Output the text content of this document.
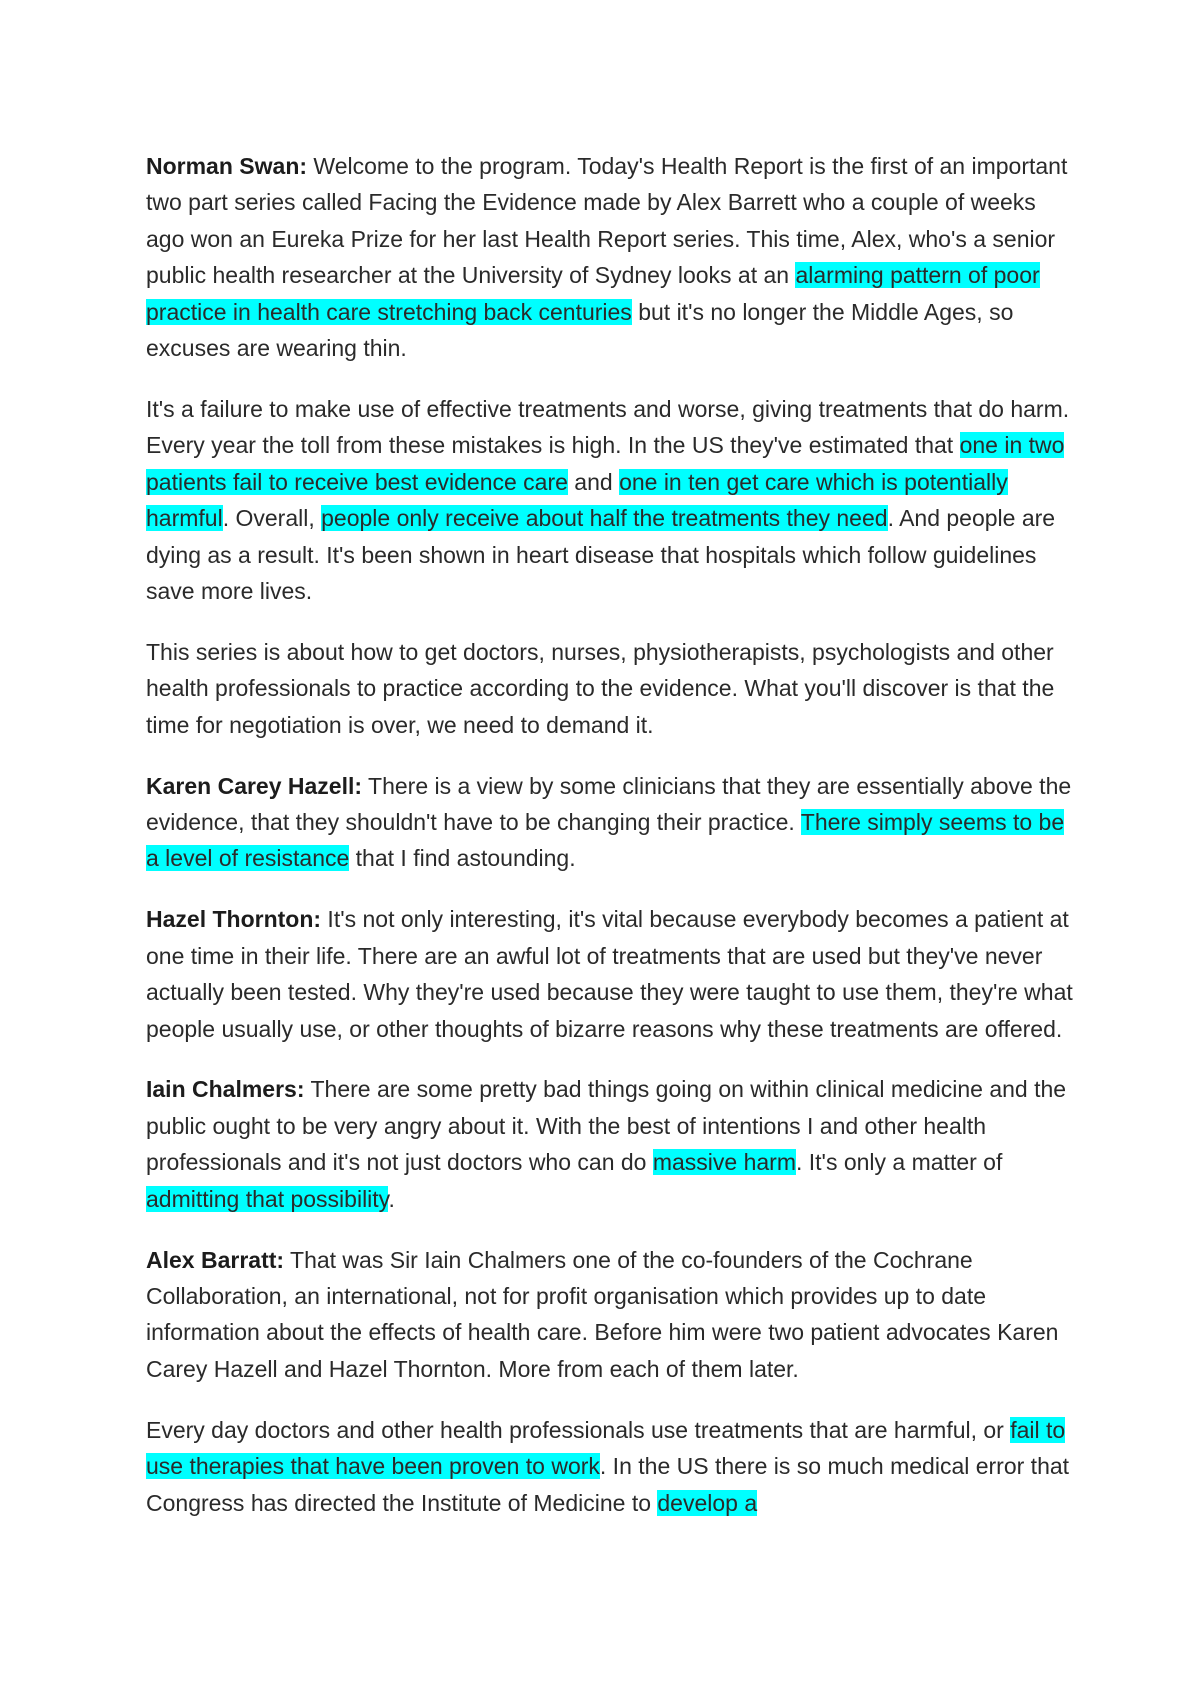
Norman Swan: Welcome to the program. Today's Health Report is the first of an important two part series called Facing the Evidence made by Alex Barrett who a couple of weeks ago won an Eureka Prize for her last Health Report series. This time, Alex, who's a senior public health researcher at the University of Sydney looks at an alarming pattern of poor practice in health care stretching back centuries but it's no longer the Middle Ages, so excuses are wearing thin.

It's a failure to make use of effective treatments and worse, giving treatments that do harm. Every year the toll from these mistakes is high. In the US they've estimated that one in two patients fail to receive best evidence care and one in ten get care which is potentially harmful. Overall, people only receive about half the treatments they need. And people are dying as a result. It's been shown in heart disease that hospitals which follow guidelines save more lives.

This series is about how to get doctors, nurses, physiotherapists, psychologists and other health professionals to practice according to the evidence. What you'll discover is that the time for negotiation is over, we need to demand it.

Karen Carey Hazell: There is a view by some clinicians that they are essentially above the evidence, that they shouldn't have to be changing their practice. There simply seems to be a level of resistance that I find astounding.

Hazel Thornton: It's not only interesting, it's vital because everybody becomes a patient at one time in their life. There are an awful lot of treatments that are used but they've never actually been tested. Why they're used because they were taught to use them, they're what people usually use, or other thoughts of bizarre reasons why these treatments are offered.

Iain Chalmers: There are some pretty bad things going on within clinical medicine and the public ought to be very angry about it. With the best of intentions I and other health professionals and it's not just doctors who can do massive harm. It's only a matter of admitting that possibility.

Alex Barratt: That was Sir Iain Chalmers one of the co-founders of the Cochrane Collaboration, an international, not for profit organisation which provides up to date information about the effects of health care. Before him were two patient advocates Karen Carey Hazell and Hazel Thornton. More from each of them later.

Every day doctors and other health professionals use treatments that are harmful, or fail to use therapies that have been proven to work. In the US there is so much medical error that Congress has directed the Institute of Medicine to develop a
